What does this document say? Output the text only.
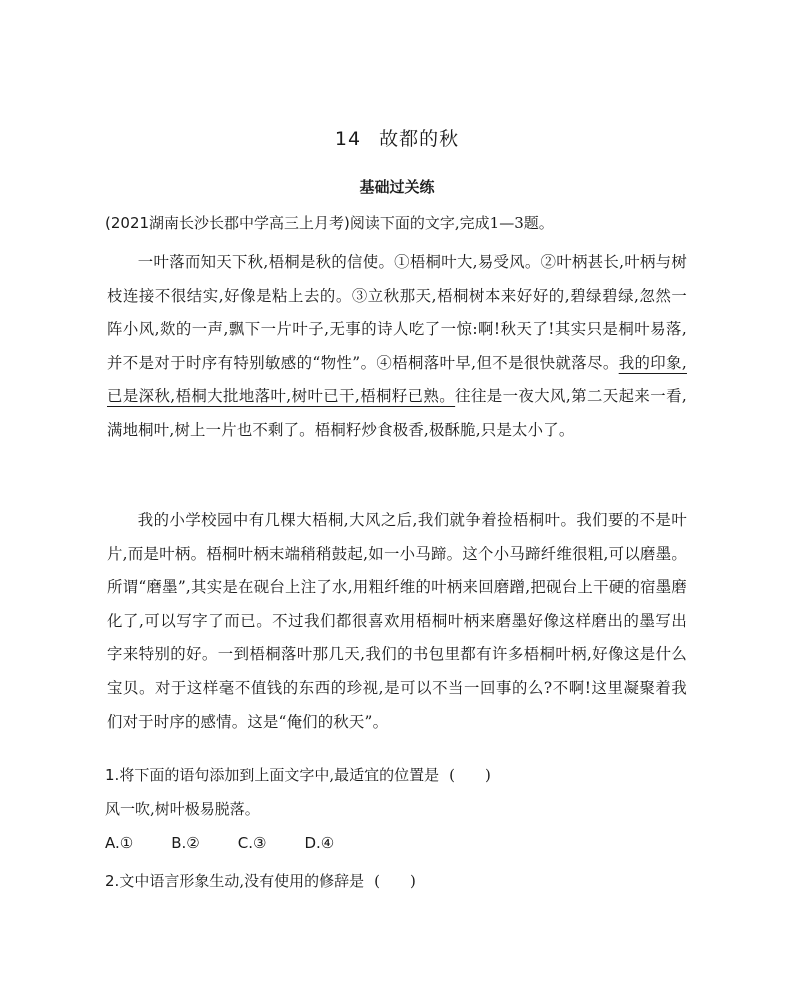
14 故都的秋
基础过关练
(2021湖南长沙长郡中学高三上月考)阅读下面的文字,完成1—3题。
一叶落而知天下秋,梧桐是秋的信使。①梧桐叶大,易受风。②叶柄甚长,叶柄与树枝连接不很结实,好像是粘上去的。③立秋那天,梧桐树本来好好的,碧绿碧绿,忽然一阵小风,欻的一声,飘下一片叶子,无事的诗人吃了一惊:啊!秋天了!其实只是桐叶易落,并不是对于时序有特别敏感的“物性”。④梧桐落叶早,但不是很快就落尽。我的印象,已是深秋,梧桐大批地落叶,树叶已干,梧桐籽已熟。往往是一夜大风,第二天起来一看,满地桐叶,树上一片也不剩了。梧桐籽炒食极香,极酥脆,只是太小了。
我的小学校园中有几棵大梧桐,大风之后,我们就争着捡梧桐叶。我们要的不是叶片,而是叶柄。梧桐叶柄末端稍稍鼓起,如一小马蹄。这个小马蹄纤维很粗,可以磨墨。所谓“磨墨”,其实是在砚台上注了水,用粗纤维的叶柄来回磨蹭,把砚台上干硬的宿墨磨化了,可以写字了而已。不过我们都很喜欢用梧桐叶柄来磨墨好像这样磨出的墨写出字来特别的好。一到梧桐落叶那几天,我们的书包里都有许多梧桐叶柄,好像这是什么宝贝。对于这样毫不值钱的东西的珍视,是可以不当一回事的么?不啊!这里凝聚着我们对于时序的感情。这是“俺们的秋天”。
1.将下面的语句添加到上面文字中,最适宜的位置是 (　　)
风一吹,树叶极易脱落。
A.①	B.②	C.③	D.④
2.文中语言形象生动,没有使用的修辞是 (　　)
